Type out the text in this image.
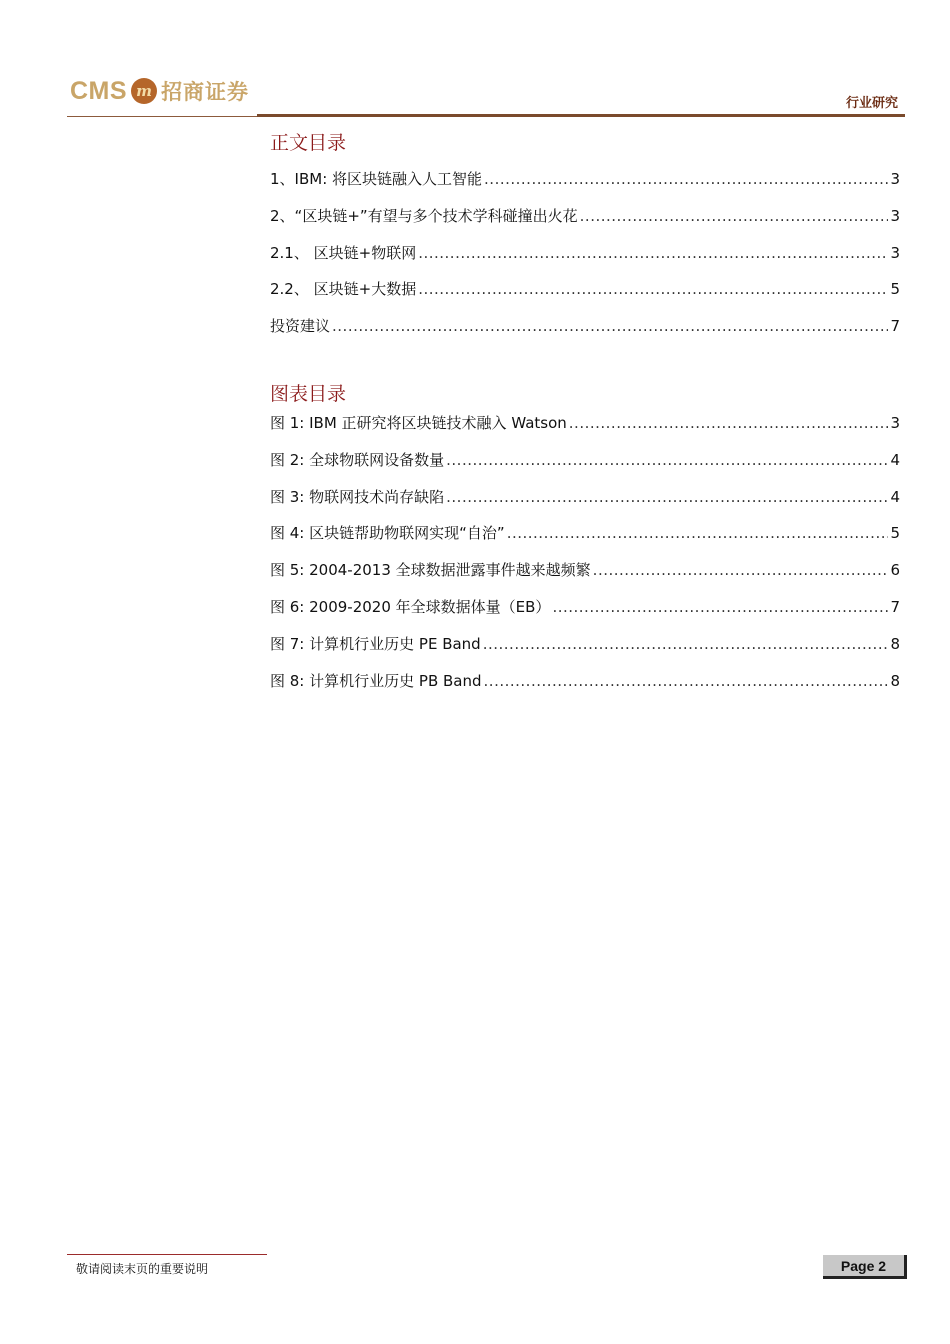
CMS m 招商证券	行业研究
正文目录
1、IBM: 将区块链融入人工智能 .....	3
2、“区块链+”有望与多个技术学科碰撞出火花 .....	3
2.1、 区块链+物联网 .....	3
2.2、 区块链+大数据 .....	5
投资建议 .....	7
图表目录
图 1: IBM 正研究将区块链技术融入 Watson .....	3
图 2: 全球物联网设备数量 .....	4
图 3: 物联网技术尚存缺陷 .....	4
图 4: 区块链帮助物联网实现“自治” .....	5
图 5: 2004-2013 全球数据泄露事件越来越频繁 .....	6
图 6: 2009-2020 年全球数据体量（EB） .....	7
图 7: 计算机行业历史 PE Band .....	8
图 8: 计算机行业历史 PB Band .....	8
敬请阅读末页的重要说明	Page 2
